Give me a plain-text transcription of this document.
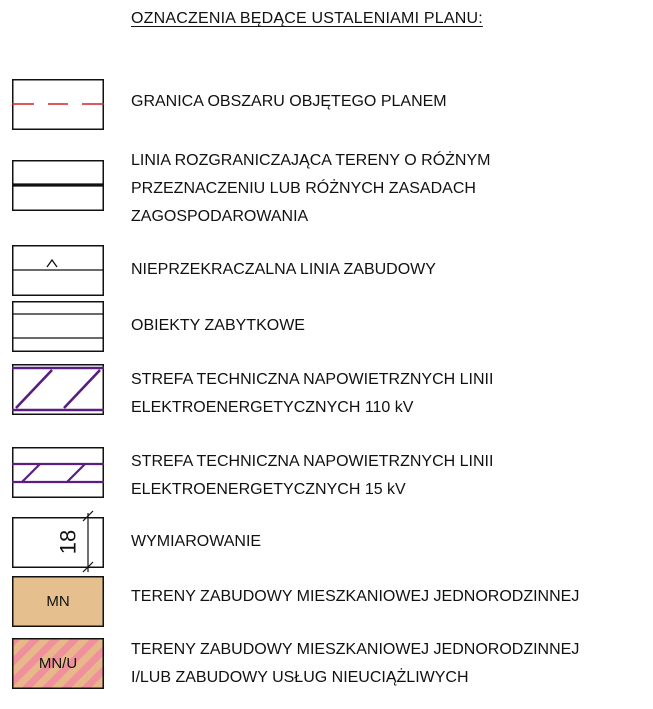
OZNACZENIA BĘDĄCE USTALENIAMI PLANU:
GRANICA OBSZARU OBJĘTEGO PLANEM
LINIA ROZGRANICZAJĄCA TERENY O RÓŻNYM
PRZEZNACZENIU LUB RÓŻNYCH ZASADACH
ZAGOSPODAROWANIA
NIEPRZEKRACZALNA LINIA ZABUDOWY
OBIEKTY ZABYTKOWE
STREFA TECHNICZNA NAPOWIETRZNYCH LINII
ELEKTROENERGETYCZNYCH 110 kV
STREFA TECHNICZNA NAPOWIETRZNYCH LINII
ELEKTROENERGETYCZNYCH 15 kV
18	WYMIAROWANIE
MN	TERENY ZABUDOWY MIESZKANIOWEJ JEDNORODZINNEJ
MN/U
TERENY ZABUDOWY MIESZKANIOWEJ JEDNORODZINNEJ
I/LUB ZABUDOWY USŁUG NIEUCIĄŻLIWYCH
